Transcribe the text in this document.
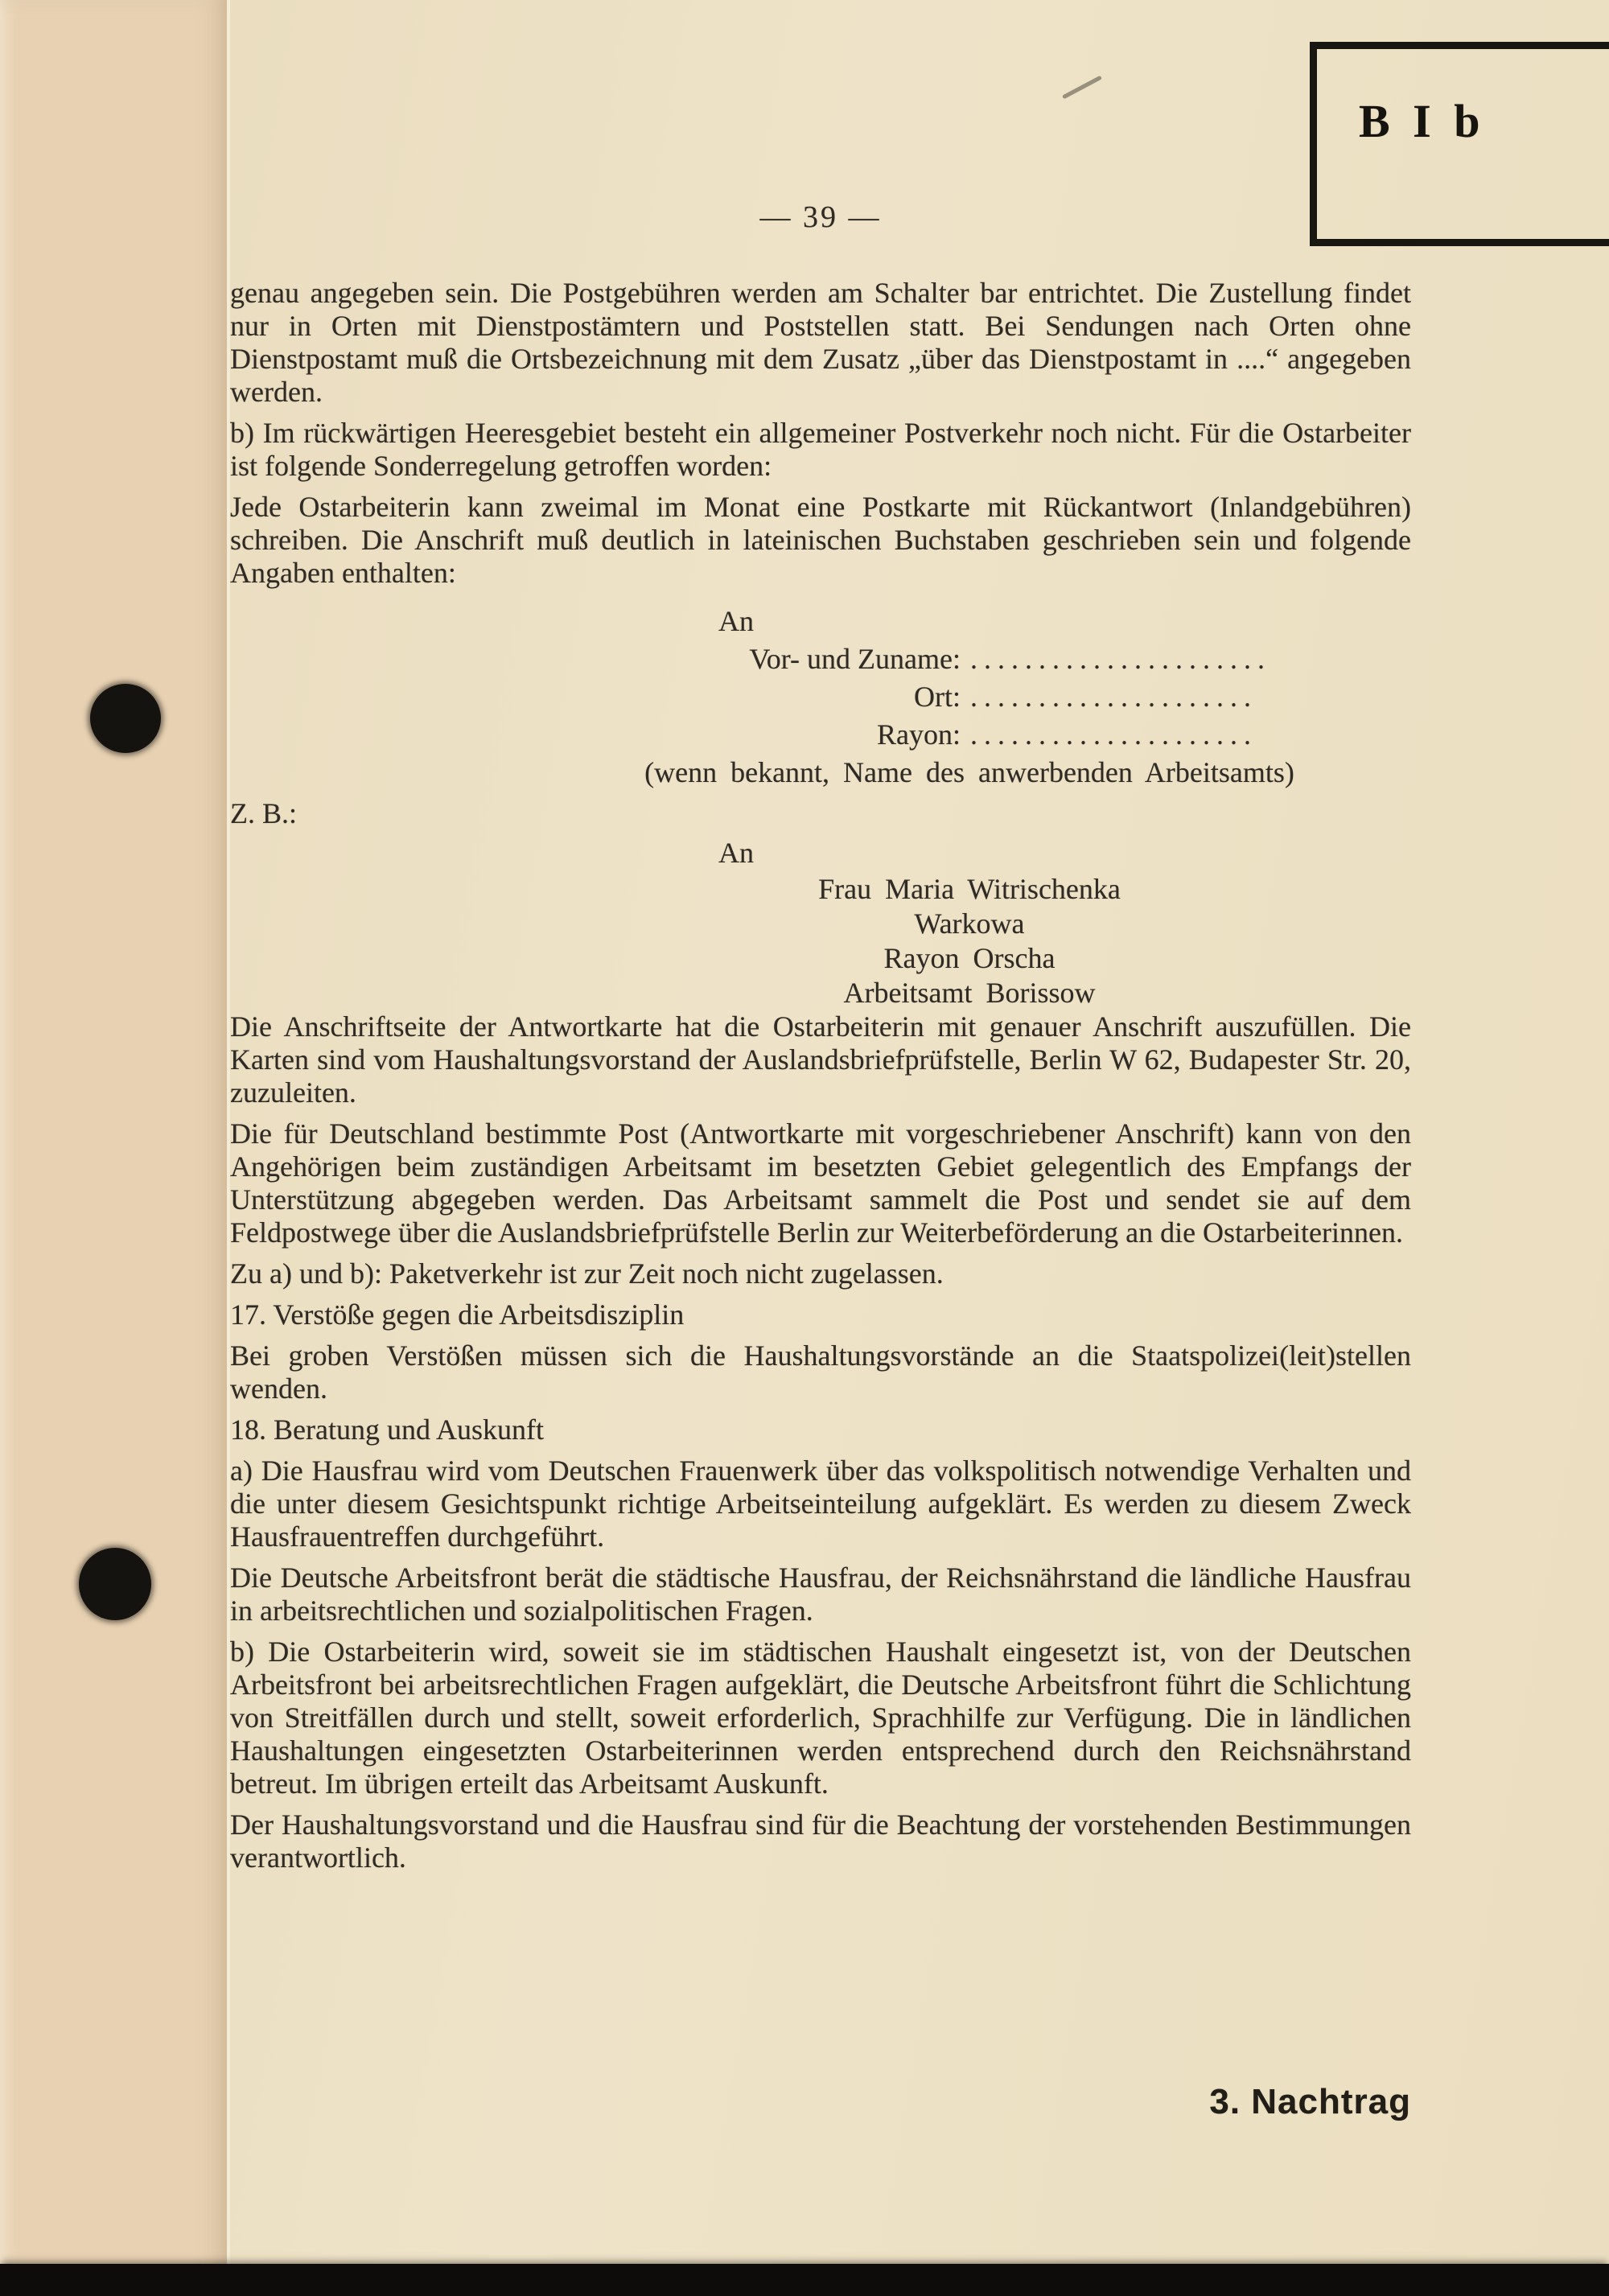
B I b
— 39 —

genau angegeben sein. Die Postgebühren werden am Schalter bar entrichtet. Die Zustellung findet nur in Orten mit Dienstpostämtern und Poststellen statt. Bei Sendungen nach Orten ohne Dienstpostamt muß die Ortsbezeichnung mit dem Zusatz „über das Dienstpostamt in ....“ angegeben werden.

b) Im rückwärtigen Heeresgebiet besteht ein allgemeiner Postverkehr noch nicht. Für die Ostarbeiter ist folgende Sonderregelung getroffen worden:

Jede Ostarbeiterin kann zweimal im Monat eine Postkarte mit Rückantwort (Inlandgebühren) schreiben. Die Anschrift muß deutlich in lateinischen Buchstaben geschrieben sein und folgende Angaben enthalten:

An
Vor- und Zuname: ......................
Ort: .....................
Rayon: .....................
(wenn bekannt, Name des anwerbenden Arbeitsamts)
Z. B.:
An
Frau Maria Witrischenka
Warkowa
Rayon Orscha
Arbeitsamt Borissow

Die Anschriftseite der Antwortkarte hat die Ostarbeiterin mit genauer Anschrift auszufüllen. Die Karten sind vom Haushaltungsvorstand der Auslandsbriefprüfstelle, Berlin W 62, Budapester Str. 20, zuzuleiten.

Die für Deutschland bestimmte Post (Antwortkarte mit vorgeschriebener Anschrift) kann von den Angehörigen beim zuständigen Arbeitsamt im besetzten Gebiet gelegentlich des Empfangs der Unterstützung abgegeben werden. Das Arbeitsamt sammelt die Post und sendet sie auf dem Feldpostwege über die Auslandsbriefprüfstelle Berlin zur Weiterbeförderung an die Ostarbeiterinnen.

Zu a) und b): Paketverkehr ist zur Zeit noch nicht zugelassen.

17. Verstöße gegen die Arbeitsdisziplin

Bei groben Verstößen müssen sich die Haushaltungsvorstände an die Staatspolizei(leit)stellen wenden.

18. Beratung und Auskunft

a) Die Hausfrau wird vom Deutschen Frauenwerk über das volkspolitisch notwendige Verhalten und die unter diesem Gesichtspunkt richtige Arbeitseinteilung aufgeklärt. Es werden zu diesem Zweck Hausfrauentreffen durchgeführt.

Die Deutsche Arbeitsfront berät die städtische Hausfrau, der Reichsnährstand die ländliche Hausfrau in arbeitsrechtlichen und sozialpolitischen Fragen.

b) Die Ostarbeiterin wird, soweit sie im städtischen Haushalt eingesetzt ist, von der Deutschen Arbeitsfront bei arbeitsrechtlichen Fragen aufgeklärt, die Deutsche Arbeitsfront führt die Schlichtung von Streitfällen durch und stellt, soweit erforderlich, Sprachhilfe zur Verfügung. Die in ländlichen Haushaltungen eingesetzten Ostarbeiterinnen werden entsprechend durch den Reichsnährstand betreut. Im übrigen erteilt das Arbeitsamt Auskunft.

Der Haushaltungsvorstand und die Hausfrau sind für die Beachtung der vorstehenden Bestimmungen verantwortlich.

3. Nachtrag
